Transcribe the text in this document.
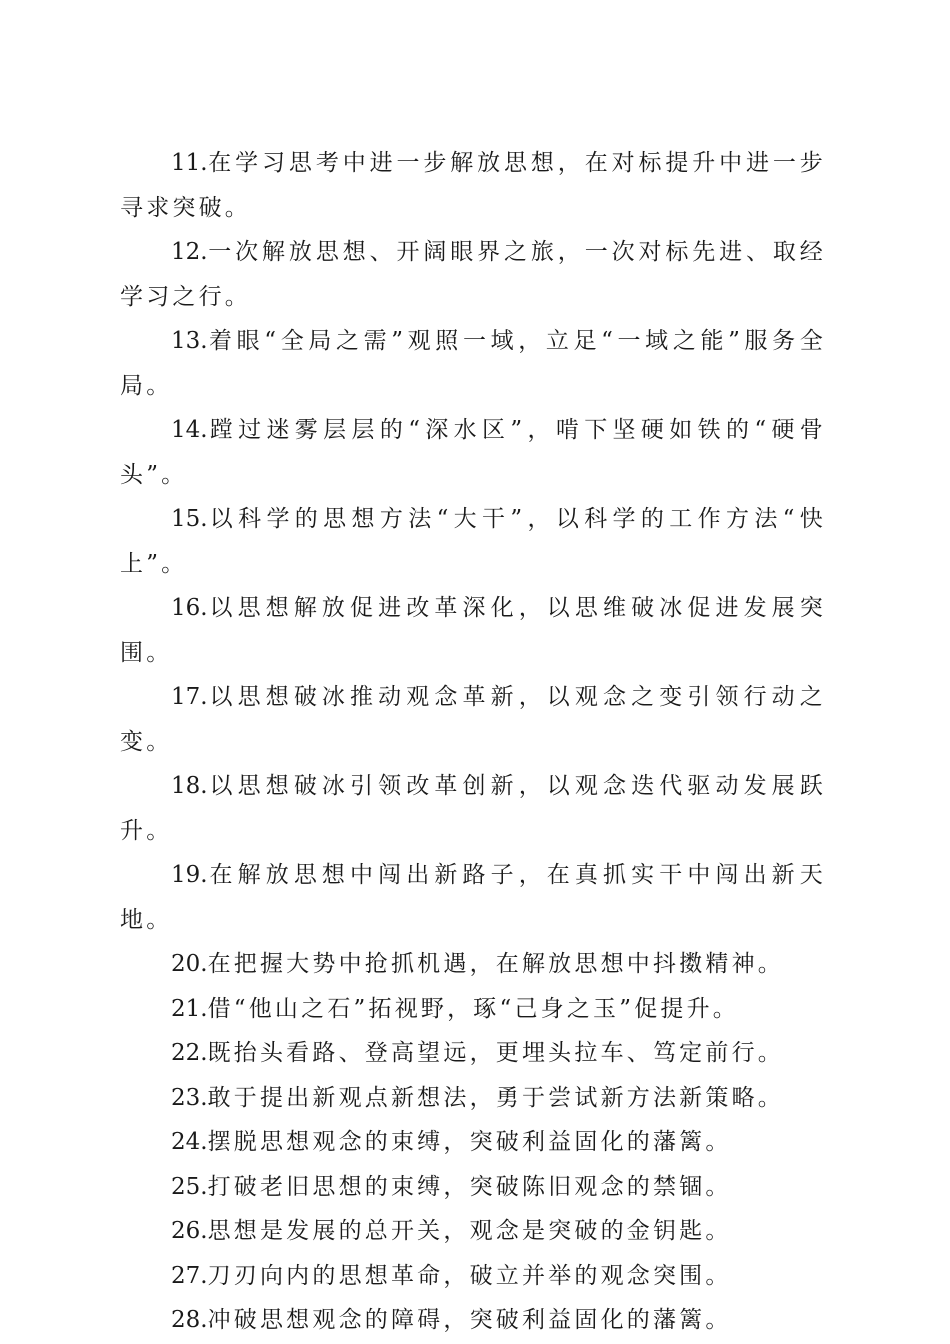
11.在学习思考中进一步解放思想，在对标提升中进一步寻求突破。

12.一次解放思想、开阔眼界之旅，一次对标先进、取经学习之行。

13.着眼“全局之需”观照一域，立足“一域之能”服务全局。

14.蹚过迷雾层层的“深水区”，啃下坚硬如铁的“硬骨头”。

15.以科学的思想方法“大干”，以科学的工作方法“快上”。

16.以思想解放促进改革深化，以思维破冰促进发展突围。

17.以思想破冰推动观念革新，以观念之变引领行动之变。

18.以思想破冰引领改革创新，以观念迭代驱动发展跃升。

19.在解放思想中闯出新路子，在真抓实干中闯出新天地。

20.在把握大势中抢抓机遇，在解放思想中抖擞精神。

21.借“他山之石”拓视野，琢“己身之玉”促提升。

22.既抬头看路、登高望远，更埋头拉车、笃定前行。

23.敢于提出新观点新想法，勇于尝试新方法新策略。

24.摆脱思想观念的束缚，突破利益固化的藩篱。

25.打破老旧思想的束缚，突破陈旧观念的禁锢。

26.思想是发展的总开关，观念是突破的金钥匙。

27.刀刃向内的思想革命，破立并举的观念突围。

28.冲破思想观念的障碍，突破利益固化的藩篱。
